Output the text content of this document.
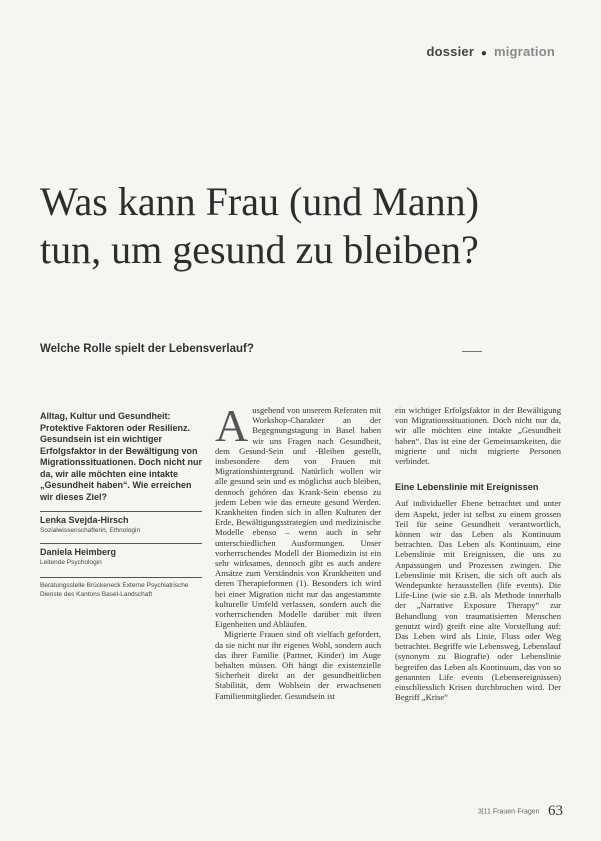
dossier ● migration
Was kann Frau (und Mann) tun, um gesund zu bleiben?
Welche Rolle spielt der Lebensverlauf?

Alltag, Kultur und Gesundheit: Protektive Faktoren oder Resilienz. Gesundsein ist ein wichtiger Erfolgsfaktor in der Bewältigung von Migrationssituationen. Doch nicht nur da, wir alle möchten eine intakte „Gesundheit haben“. Wie erreichen wir dieses Ziel?

Lenka Svejda-Hirsch
Sozialwissenschafterin, Ethnologin
Daniela Heimberg
Leitende Psychologin
Beratungsstelle Brückeneck Externe Psychiatrische Dienste des Kantons Basel-Landschaft

Ausgehend von unserem Referaten mit Workshop-Charakter an der Begegnungstagung in Basel haben wir uns Fragen nach Gesundheit, dem Gesund-Sein und -Bleiben gestellt, insbesondere dem von Frauen mit Migrationshintergrund. Natürlich wollen wir alle gesund sein und es möglichst auch bleiben, dennoch gehören das Krank-Sein ebenso zu jedem Leben wie das erneute gesund Werden. Krankheiten finden sich in allen Kulturen der Erde, Bewältigungsstrategien und medizinische Modelle ebenso – wenn auch in sehr unterschiedlichen Ausformungen. Unser vorherrschendes Modell der Biomedizin ist ein sehr wirksames, dennoch gibt es auch andere Ansätze zum Verständnis von Krankheiten und deren Therapieformen (1). Besonders ich wird bei einer Migration nicht nur das angestammte kulturelle Umfeld verlassen, sondern auch die vorherrschenden Modelle darüber mit ihren Eigenheiten und Abläufen.

Migrierte Frauen sind oft vielfach gefordert, da sie nicht nur ihr eigenes Wohl, sondern auch das ihrer Familie (Partner, Kinder) im Auge behalten müssen. Oft hängt die existenzielle Sicherheit direkt an der gesundheitlichen Stabilität, dem Wohlsein der erwachsenen Familienmitglieder. Gesundsein ist

ein wichtiger Erfolgsfaktor in der Bewältigung von Migrationssituationen. Doch nicht nur da, wir alle möchten eine intakte „Gesundheit haben“. Das ist eine der Gemeinsamkeiten, die migrierte und nicht migrierte Personen verbindet.

Eine Lebenslinie mit Ereignissen

Auf individueller Ebene betrachtet und unter dem Aspekt, jeder ist selbst zu einem grossen Teil für seine Gesundheit verantwortlich, können wir das Leben als Kontinuum betrachten. Das Leben als Kontinuum, eine Lebenslinie mit Ereignissen, die uns zu Anpassungen und Prozessen zwingen. Die Lebenslinie mit Krisen, die sich oft auch als Wendepunkte herausstellen (life events). Die Life-Line (wie sie z.B. als Methode innerhalb der „Narrative Exposure Therapy“ zur Behandlung von traumatisierten Menschen genutzt wird) greift eine alte Vorstellung auf: Das Leben wird als Linie, Fluss oder Weg betrachtet. Begriffe wie Lebensweg, Lebenslauf (synonym zu Biografie) oder Lebenslinie begreifen das Leben als Kontinuum, das von so genannten Life events (Lebensereignissen) einschliesslich Krisen durchbrochen wird. Der Begriff „Krise“

3|11 Frauen·Fragen 63
